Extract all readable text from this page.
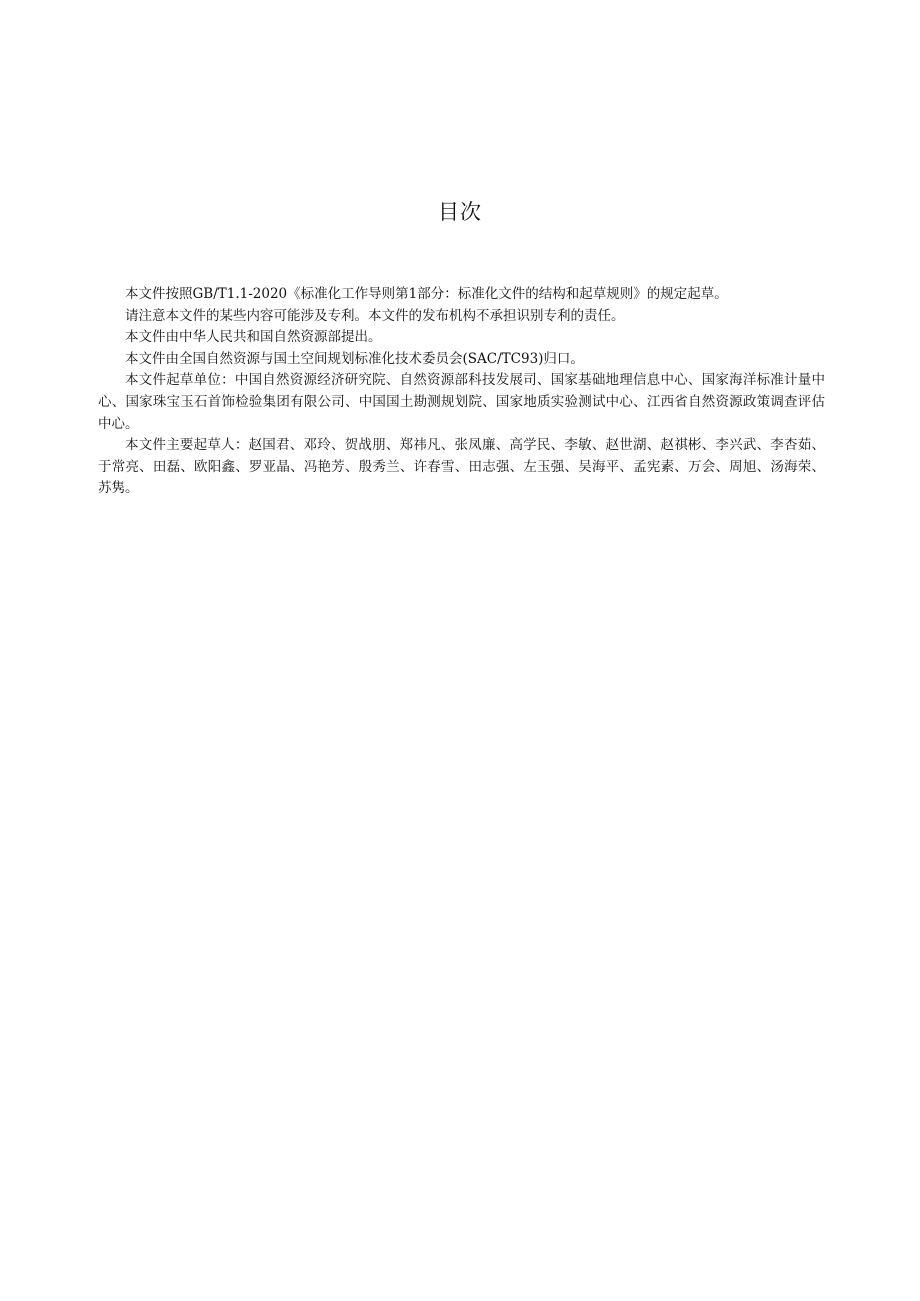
目次

本文件按照GB/T1.1-2020《标准化工作导则第1部分：标准化文件的结构和起草规则》的规定起草。

请注意本文件的某些内容可能涉及专利。本文件的发布机构不承担识别专利的责任。

本文件由中华人民共和国自然资源部提出。

本文件由全国自然资源与国土空间规划标准化技术委员会(SAC/TC93)归口。

本文件起草单位：中国自然资源经济研究院、自然资源部科技发展司、国家基础地理信息中心、国家海洋标准计量中心、国家珠宝玉石首饰检验集团有限公司、中国国土勘测规划院、国家地质实验测试中心、江西省自然资源政策调查评估中心。

本文件主要起草人：赵国君、邓玲、贺战朋、郑祎凡、张凤廉、高学民、李敏、赵世湖、赵祺彬、李兴武、李杏茹、于常亮、田磊、欧阳鑫、罗亚晶、冯艳芳、殷秀兰、许春雪、田志强、左玉强、吴海平、孟宪素、万会、周旭、汤海荣、苏隽。
